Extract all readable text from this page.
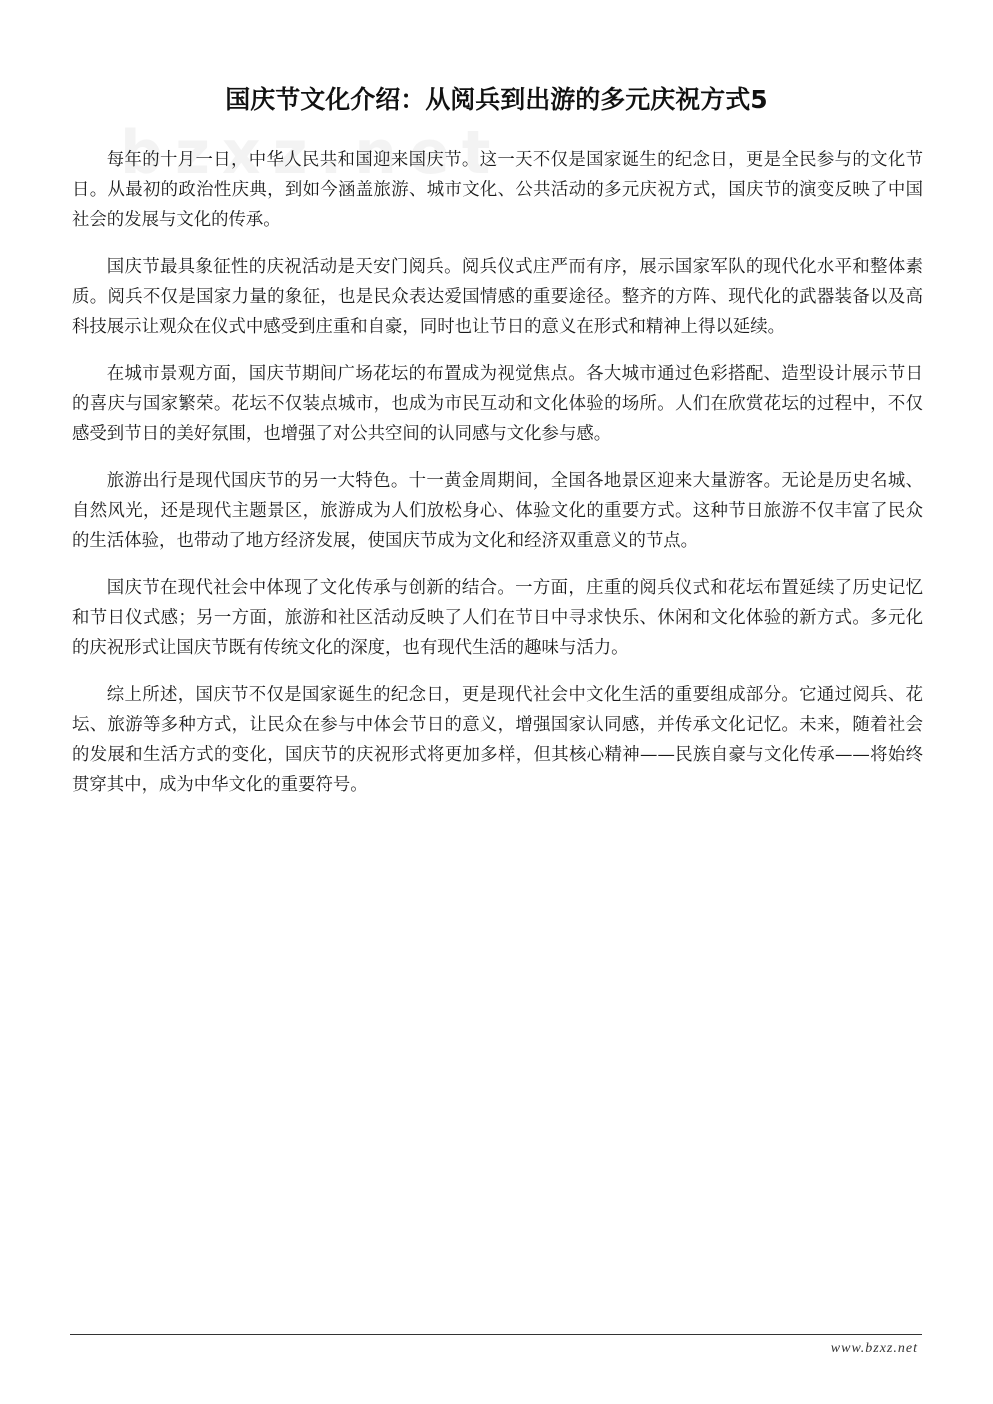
国庆节文化介绍：从阅兵到出游的多元庆祝方式5

每年的十月一日，中华人民共和国迎来国庆节。这一天不仅是国家诞生的纪念日，更是全民参与的文化节日。从最初的政治性庆典，到如今涵盖旅游、城市文化、公共活动的多元庆祝方式，国庆节的演变反映了中国社会的发展与文化的传承。

国庆节最具象征性的庆祝活动是天安门阅兵。阅兵仪式庄严而有序，展示国家军队的现代化水平和整体素质。阅兵不仅是国家力量的象征，也是民众表达爱国情感的重要途径。整齐的方阵、现代化的武器装备以及高科技展示让观众在仪式中感受到庄重和自豪，同时也让节日的意义在形式和精神上得以延续。

在城市景观方面，国庆节期间广场花坛的布置成为视觉焦点。各大城市通过色彩搭配、造型设计展示节日的喜庆与国家繁荣。花坛不仅装点城市，也成为市民互动和文化体验的场所。人们在欣赏花坛的过程中，不仅感受到节日的美好氛围，也增强了对公共空间的认同感与文化参与感。

旅游出行是现代国庆节的另一大特色。十一黄金周期间，全国各地景区迎来大量游客。无论是历史名城、自然风光，还是现代主题景区，旅游成为人们放松身心、体验文化的重要方式。这种节日旅游不仅丰富了民众的生活体验，也带动了地方经济发展，使国庆节成为文化和经济双重意义的节点。

国庆节在现代社会中体现了文化传承与创新的结合。一方面，庄重的阅兵仪式和花坛布置延续了历史记忆和节日仪式感；另一方面，旅游和社区活动反映了人们在节日中寻求快乐、休闲和文化体验的新方式。多元化的庆祝形式让国庆节既有传统文化的深度，也有现代生活的趣味与活力。

综上所述，国庆节不仅是国家诞生的纪念日，更是现代社会中文化生活的重要组成部分。它通过阅兵、花坛、旅游等多种方式，让民众在参与中体会节日的意义，增强国家认同感，并传承文化记忆。未来，随着社会的发展和生活方式的变化，国庆节的庆祝形式将更加多样，但其核心精神——民族自豪与文化传承——将始终贯穿其中，成为中华文化的重要符号。

www.bzxz.net
